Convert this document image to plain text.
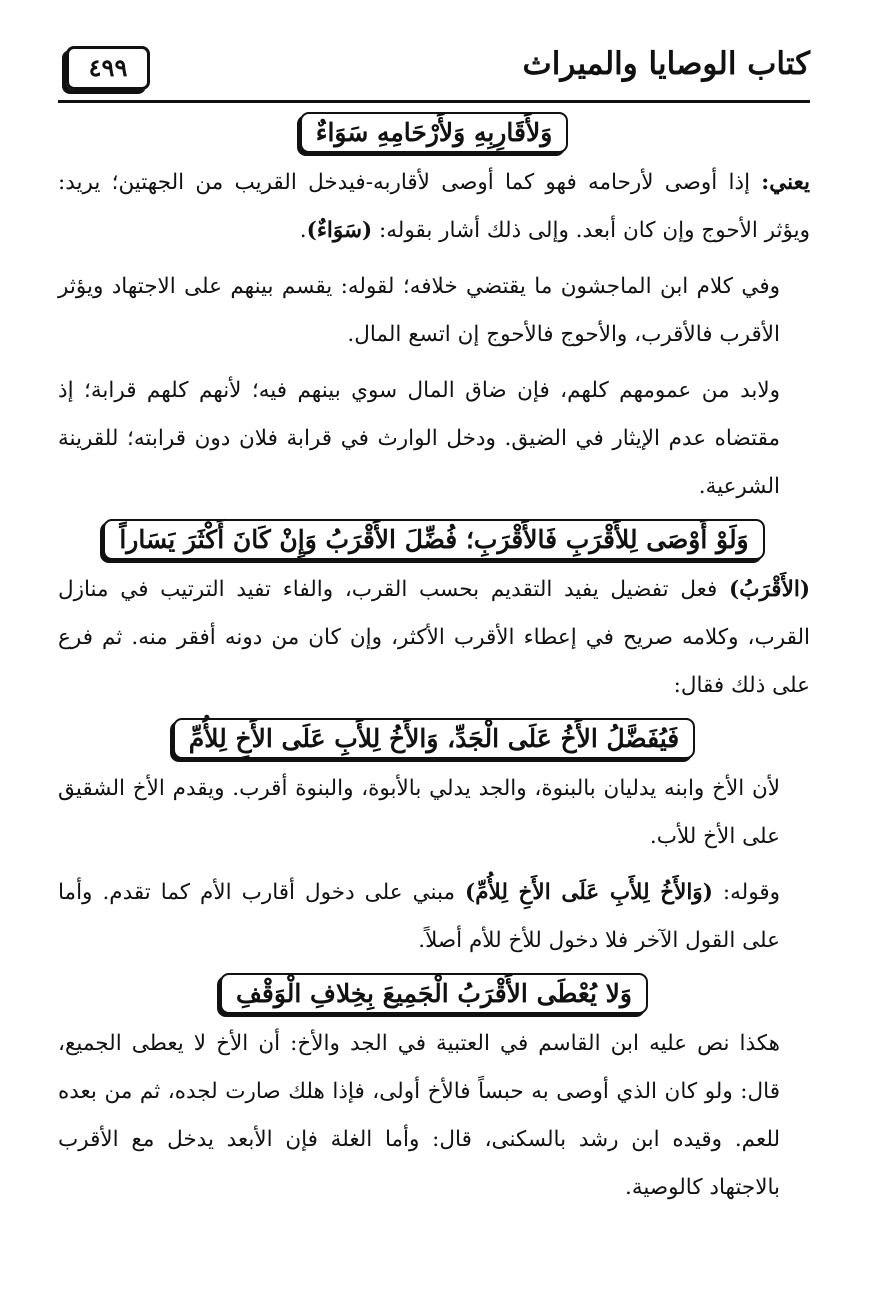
كتاب الوصايا والميراث
٤٩٩
وَلأَقَارِبِهِ وَلأَرْحَامِهِ سَوَاءٌ

يعني: إذا أوصى لأرحامه فهو كما أوصى لأقاربه-فيدخل القريب من الجهتين؛ يريد: ويؤثر الأحوج وإن كان أبعد. وإلى ذلك أشار بقوله: (سَوَاءٌ).

وفي كلام ابن الماجشون ما يقتضي خلافه؛ لقوله: يقسم بينهم على الاجتهاد ويؤثر الأقرب فالأقرب، والأحوج فالأحوج إن اتسع المال.

ولابد من عمومهم كلهم، فإن ضاق المال سوي بينهم فيه؛ لأنهم كلهم قرابة؛ إذ مقتضاه عدم الإيثار في الضيق. ودخل الوارث في قرابة فلان دون قرابته؛ للقرينة الشرعية.

وَلَوْ أَوْصَى لِلأَقْرَبِ فَالأَقْرَبِ؛ فُضِّلَ الأَقْرَبُ وَإِنْ كَانَ أَكْثَرَ يَسَاراً

(الأَقْرَبُ) فعل تفضيل يفيد التقديم بحسب القرب، والفاء تفيد الترتيب في منازل القرب، وكلامه صريح في إعطاء الأقرب الأكثر، وإن كان من دونه أفقر منه. ثم فرع على ذلك فقال:

فَيُفَضَّلُ الأَخُ عَلَى الْجَدِّ، وَالأَخُ لِلأَبِ عَلَى الأَخِ لِلأُمِّ

لأن الأخ وابنه يدليان بالبنوة، والجد يدلي بالأبوة، والبنوة أقرب. ويقدم الأخ الشقيق على الأخ للأب.

وقوله: (وَالأَخُ لِلأَبِ عَلَى الأَخِ لِلأُمِّ) مبني على دخول أقارب الأم كما تقدم. وأما على القول الآخر فلا دخول للأخ للأم أصلاً.

وَلا يُعْطَى الأَقْرَبُ الْجَمِيعَ بِخِلافِ الْوَقْفِ

هكذا نص عليه ابن القاسم في العتبية في الجد والأخ: أن الأخ لا يعطى الجميع، قال: ولو كان الذي أوصى به حبساً فالأخ أولى، فإذا هلك صارت لجده، ثم من بعده للعم. وقيده ابن رشد بالسكنى، قال: وأما الغلة فإن الأبعد يدخل مع الأقرب بالاجتهاد كالوصية.
